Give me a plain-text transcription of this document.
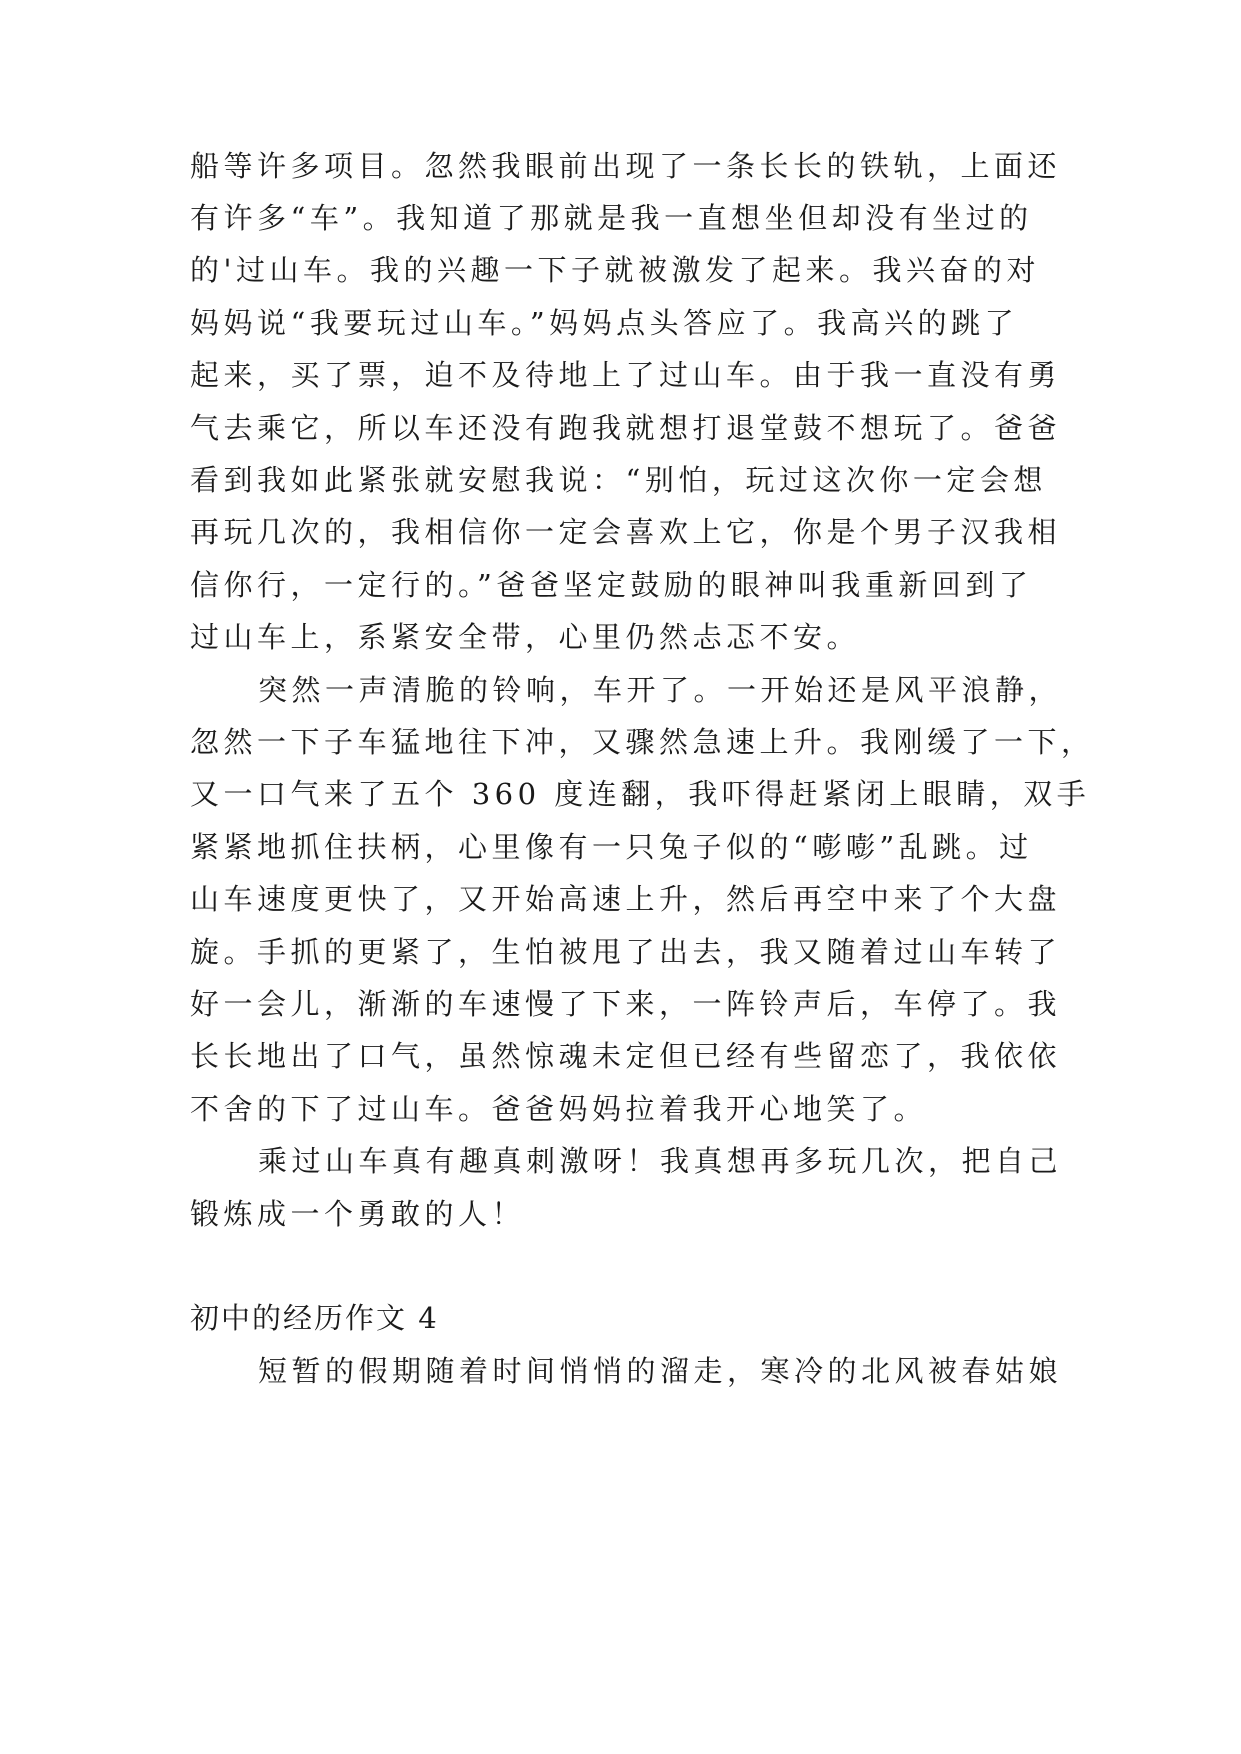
船等许多项目。忽然我眼前出现了一条长长的铁轨，上面还
有许多“车”。我知道了那就是我一直想坐但却没有坐过的
的'过山车。我的兴趣一下子就被激发了起来。我兴奋的对
妈妈说“我要玩过山车。”妈妈点头答应了。我高兴的跳了
起来，买了票，迫不及待地上了过山车。由于我一直没有勇
气去乘它，所以车还没有跑我就想打退堂鼓不想玩了。爸爸
看到我如此紧张就安慰我说：“别怕，玩过这次你一定会想
再玩几次的，我相信你一定会喜欢上它，你是个男子汉我相
信你行，一定行的。”爸爸坚定鼓励的眼神叫我重新回到了
过山车上，系紧安全带，心里仍然忐忑不安。
突然一声清脆的铃响，车开了。一开始还是风平浪静，
忽然一下子车猛地往下冲，又骤然急速上升。我刚缓了一下，
又一口气来了五个 360 度连翻，我吓得赶紧闭上眼睛，双手
紧紧地抓住扶柄，心里像有一只兔子似的“嘭嘭”乱跳。过
山车速度更快了，又开始高速上升，然后再空中来了个大盘
旋。手抓的更紧了，生怕被甩了出去，我又随着过山车转了
好一会儿，渐渐的车速慢了下来，一阵铃声后，车停了。我
长长地出了口气，虽然惊魂未定但已经有些留恋了，我依依
不舍的下了过山车。爸爸妈妈拉着我开心地笑了。
乘过山车真有趣真刺激呀！我真想再多玩几次，把自己
锻炼成一个勇敢的人！
初中的经历作文 4
短暂的假期随着时间悄悄的溜走，寒冷的北风被春姑娘
